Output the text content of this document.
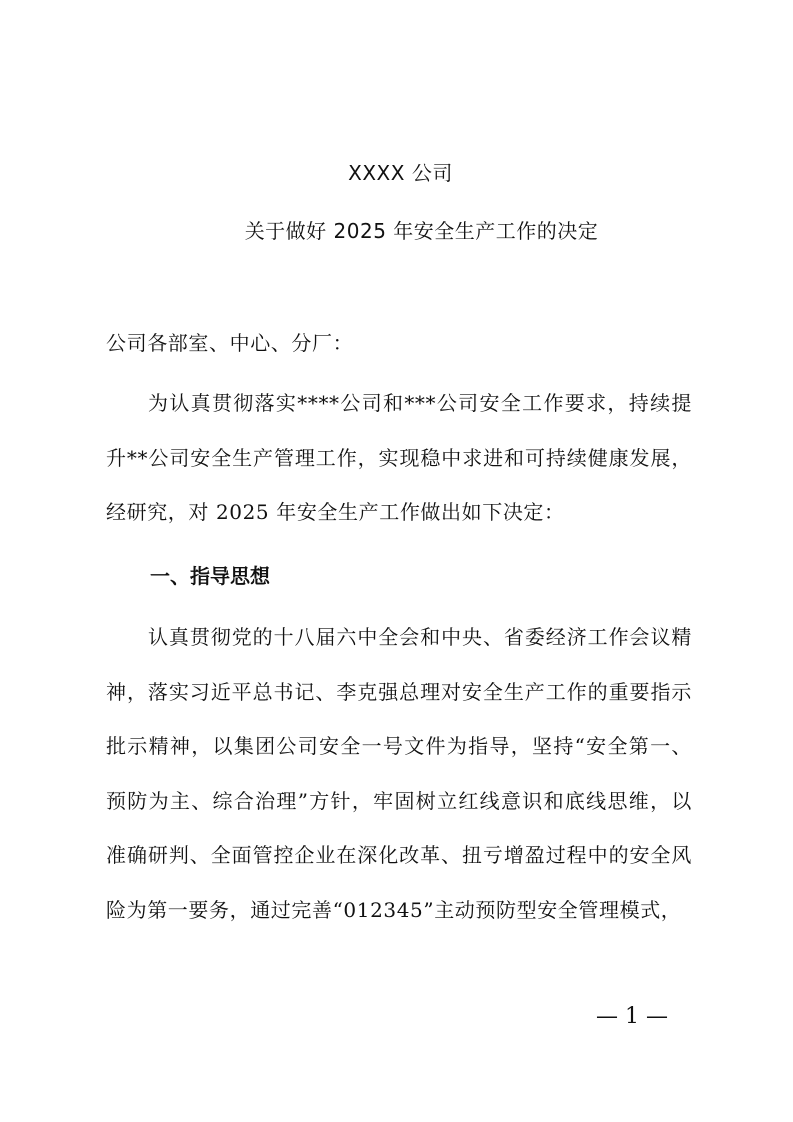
XXXX 公司
关于做好 2025 年安全生产工作的决定

公司各部室、中心、分厂：

为认真贯彻落实****公司和***公司安全工作要求，持续提升**公司安全生产管理工作，实现稳中求进和可持续健康发展，经研究，对 2025 年安全生产工作做出如下决定：

一、指导思想

认真贯彻党的十八届六中全会和中央、省委经济工作会议精神，落实习近平总书记、李克强总理对安全生产工作的重要指示批示精神，以集团公司安全一号文件为指导，坚持“安全第一、预防为主、综合治理”方针，牢固树立红线意识和底线思维，以准确研判、全面管控企业在深化改革、扭亏增盈过程中的安全风险为第一要务，通过完善“012345”主动预防型安全管理模式，

— 1 —
